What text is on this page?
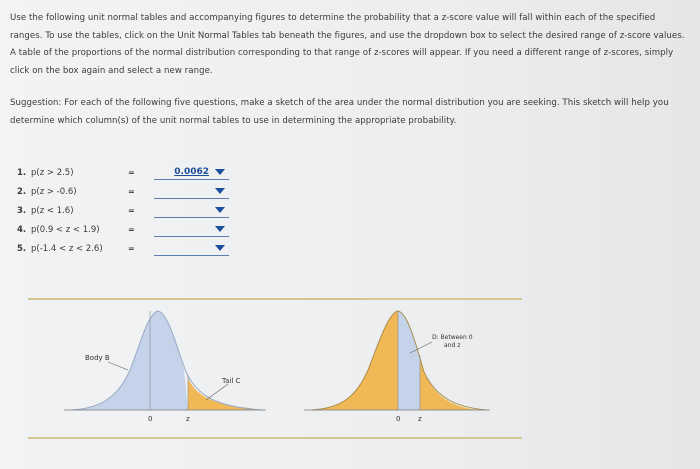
Use the following unit normal tables and accompanying figures to determine the probability that a z-score value will fall within each of the specified ranges. To use the tables, click on the Unit Normal Tables tab beneath the figures, and use the dropdown box to select the desired range of z-score values. A table of the proportions of the normal distribution corresponding to that range of z-scores will appear. If you need a different range of z-scores, simply click on the box again and select a new range.
Suggestion: For each of the following five questions, make a sketch of the area under the normal distribution you are seeking. This sketch will help you determine which column(s) of the unit normal tables to use in determining the appropriate probability.
1. p(z > 2.5)	=	0.0062
2. p(z > -0.6)	=
3. p(z < 1.6)	=
4. p(0.9 < z < 1.9)	=
5. p(-1.4 < z < 2.6)	=
Body B
Tail C
0	z
D: Between 0 and z
0	z
